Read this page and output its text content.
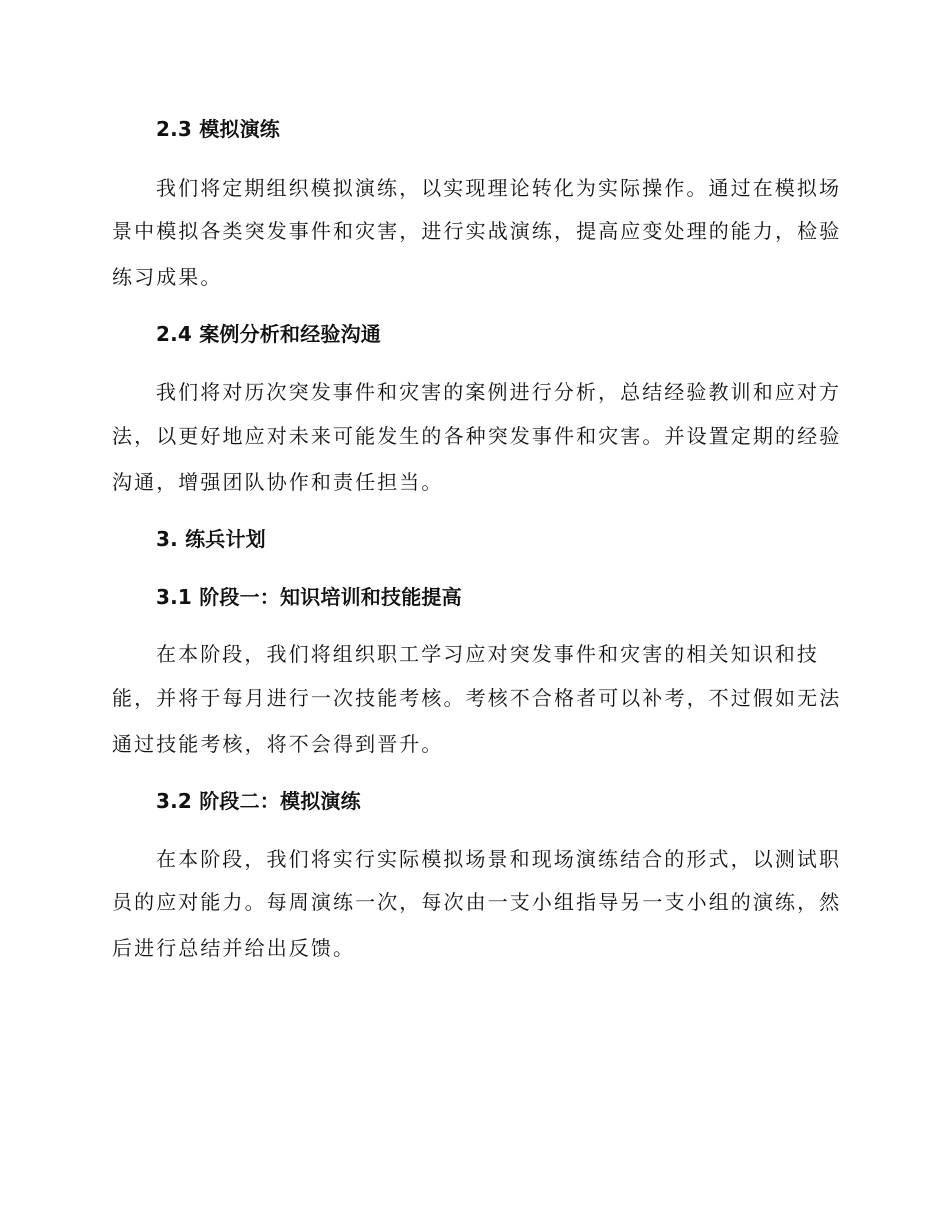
2.3 模拟演练
我们将定期组织模拟演练，以实现理论转化为实际操作。通过在模拟场
景中模拟各类突发事件和灾害，进行实战演练，提高应变处理的能力，检验
练习成果。
2.4 案例分析和经验沟通
我们将对历次突发事件和灾害的案例进行分析，总结经验教训和应对方
法，以更好地应对未来可能发生的各种突发事件和灾害。并设置定期的经验
沟通，增强团队协作和责任担当。
3. 练兵计划
3.1 阶段一：知识培训和技能提高
在本阶段，我们将组织职工学习应对突发事件和灾害的相关知识和技
能，并将于每月进行一次技能考核。考核不合格者可以补考，不过假如无法
通过技能考核，将不会得到晋升。
3.2 阶段二：模拟演练
在本阶段，我们将实行实际模拟场景和现场演练结合的形式，以测试职
员的应对能力。每周演练一次，每次由一支小组指导另一支小组的演练，然
后进行总结并给出反馈。
